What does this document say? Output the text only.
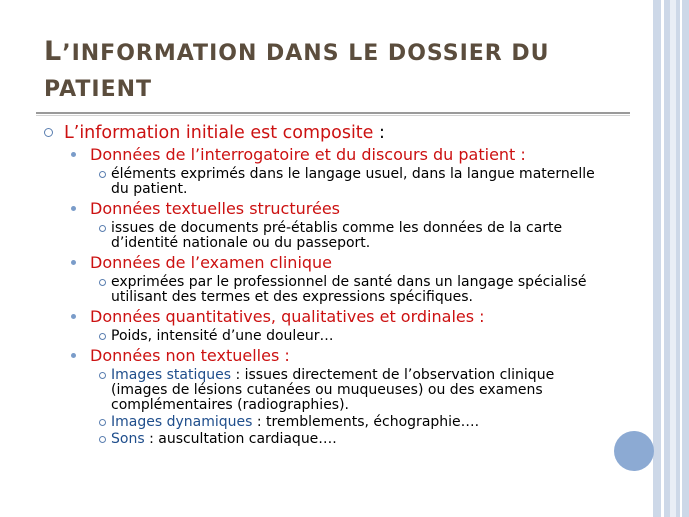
L’INFORMATION DANS LE DOSSIER DU
PATIENT
L’information initiale est composite :
Données de l’interrogatoire et du discours du patient :
éléments exprimés dans le langage usuel, dans la langue maternelle du patient.
Données textuelles structurées
issues de documents pré-établis comme les données de la carte d’identité nationale ou du passeport.
Données de l’examen clinique
exprimées par le professionnel de santé dans un langage spécialisé utilisant des termes et des expressions spécifiques.
Données quantitatives, qualitatives et ordinales :
Poids, intensité d’une douleur…
Données non textuelles :
Images statiques : issues directement de l’observation clinique (images de lésions cutanées ou muqueuses) ou des examens complémentaires (radiographies).
Images dynamiques : tremblements, échographie….
Sons : auscultation cardiaque….
